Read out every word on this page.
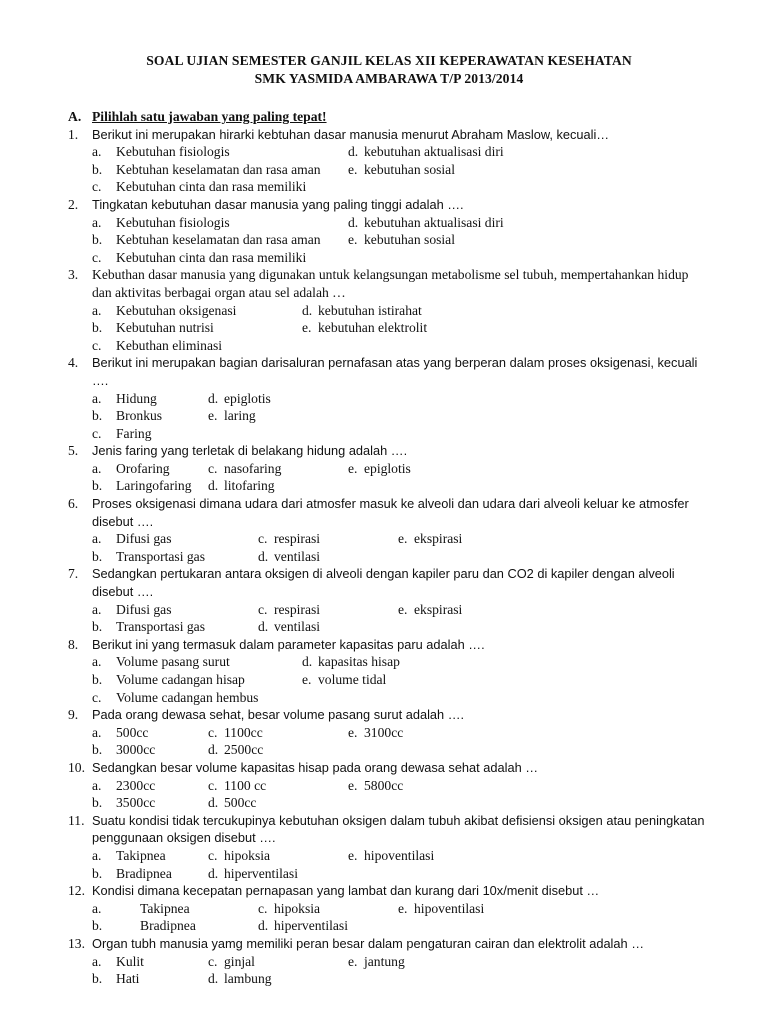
SOAL UJIAN SEMESTER GANJIL KELAS XII KEPERAWATAN KESEHATAN
SMK YASMIDA AMBARAWA T/P 2013/2014
A. Pilihlah satu jawaban yang paling tepat!
1.	Berikut ini merupakan hirarki kebtuhan dasar manusia menurut Abraham Maslow, kecuali…
a. Kebutuhan fisiologis	d. kebutuhan aktualisasi diri
b. Kebtuhan keselamatan dan rasa aman e. kebutuhan sosial
c. Kebutuhan cinta dan rasa memiliki
2.	Tingkatan kebutuhan dasar manusia yang paling tinggi adalah ….
a. Kebutuhan fisiologis	d. kebutuhan aktualisasi diri
b. Kebtuhan keselamatan dan rasa aman e. kebutuhan sosial
c. Kebutuhan cinta dan rasa memiliki
3.	Kebuthan dasar manusia yang digunakan untuk kelangsungan metabolisme sel tubuh, mempertahankan hidup dan aktivitas berbagai organ atau sel adalah …
a. Kebutuhan oksigenasi	d. kebutuhan istirahat
b. Kebutuhan nutrisi	e. kebutuhan elektrolit
c. Kebuthan eliminasi
4.	Berikut ini merupakan bagian darisaluran pernafasan atas yang berperan dalam proses oksigenasi, kecuali ….
a. Hidung	d. epiglotis
b. Bronkus	e. laring
c. Faring
5.	Jenis faring yang terletak di belakang hidung adalah ….
a. Orofaring	c. nasofaring	e. epiglotis
b. Laringofaring d. litofaring
6.	Proses oksigenasi dimana udara dari atmosfer masuk ke alveoli dan udara dari alveoli keluar ke atmosfer disebut ….
a. Difusi gas	c. respirasi	e. ekspirasi
b. Transportasi gas	d. ventilasi
7.	Sedangkan pertukaran antara oksigen di alveoli dengan kapiler paru dan CO2 di kapiler dengan alveoli disebut ….
a. Difusi gas	c. respirasi	e. ekspirasi
b. Transportasi gas	d. ventilasi
8.	Berikut ini yang termasuk dalam parameter kapasitas paru adalah ….
a. Volume pasang surut	d. kapasitas hisap
b. Volume cadangan hisap	e. volume tidal
c. Volume cadangan hembus
9.	Pada orang dewasa sehat, besar volume pasang surut adalah ….
a. 500cc	c. 1100cc	e. 3100cc
b. 3000cc	d. 2500cc
10. Sedangkan besar volume kapasitas hisap pada orang dewasa sehat adalah …
a. 2300cc	c. 1100 cc	e. 5800cc
b. 3500cc	d. 500cc
11. Suatu kondisi tidak tercukupinya kebutuhan oksigen dalam tubuh akibat defisiensi oksigen atau peningkatan penggunaan oksigen disebut ….
a. Takipnea	c. hipoksia	e. hipoventilasi
b. Bradipnea	d. hiperventilasi
12. Kondisi dimana kecepatan pernapasan yang lambat dan kurang dari 10x/menit disebut …
a.	Takipnea	c. hipoksia	e. hipoventilasi
b.	Bradipnea	d. hiperventilasi
13. Organ tubh manusia yamg memiliki peran besar dalam pengaturan cairan dan elektrolit adalah …
a. Kulit	c. ginjal	e. jantung
b. Hati	d. lambung
